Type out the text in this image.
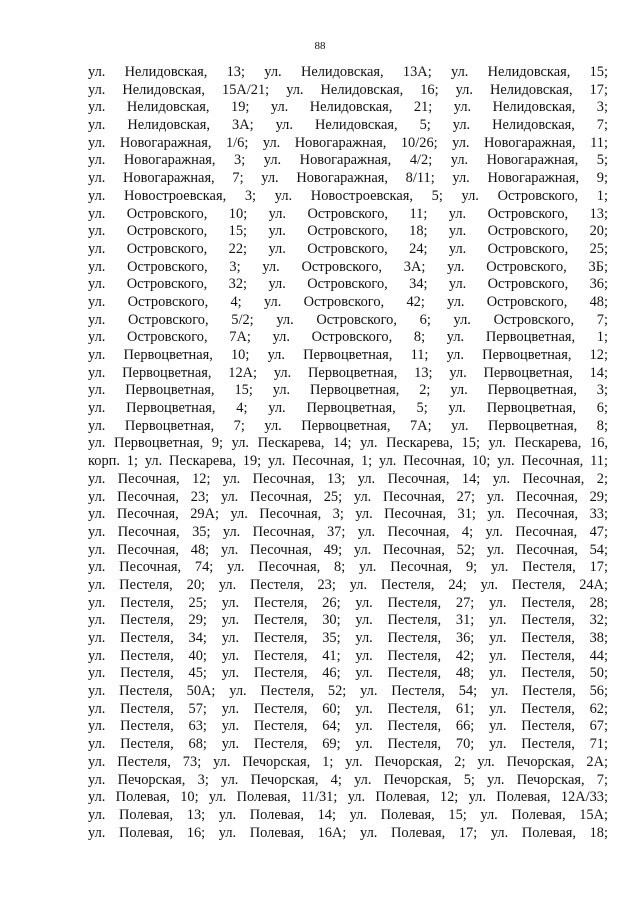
88
ул. Нелидовская, 13; ул. Нелидовская, 13А; ул. Нелидовская, 15;
ул. Нелидовская, 15А/21; ул. Нелидовская, 16; ул. Нелидовская, 17;
ул. Нелидовская, 19; ул. Нелидовская, 21; ул. Нелидовская, 3;
ул. Нелидовская, 3А; ул. Нелидовская, 5; ул. Нелидовская, 7;
ул. Новогаражная, 1/6; ул. Новогаражная, 10/26; ул. Новогаражная, 11;
ул. Новогаражная, 3; ул. Новогаражная, 4/2; ул. Новогаражная, 5;
ул. Новогаражная, 7; ул. Новогаражная, 8/11; ул. Новогаражная, 9;
ул. Новостроевская, 3; ул. Новостроевская, 5; ул. Островского, 1;
ул. Островского, 10; ул. Островского, 11; ул. Островского, 13;
ул. Островского, 15; ул. Островского, 18; ул. Островского, 20;
ул. Островского, 22; ул. Островского, 24; ул. Островского, 25;
ул. Островского, 3; ул. Островского, 3А; ул. Островского, 3Б;
ул. Островского, 32; ул. Островского, 34; ул. Островского, 36;
ул. Островского, 4; ул. Островского, 42; ул. Островского, 48;
ул. Островского, 5/2; ул. Островского, 6; ул. Островского, 7;
ул. Островского, 7А; ул. Островского, 8; ул. Первоцветная, 1;
ул. Первоцветная, 10; ул. Первоцветная, 11; ул. Первоцветная, 12;
ул. Первоцветная, 12А; ул. Первоцветная, 13; ул. Первоцветная, 14;
ул. Первоцветная, 15; ул. Первоцветная, 2; ул. Первоцветная, 3;
ул. Первоцветная, 4; ул. Первоцветная, 5; ул. Первоцветная, 6;
ул. Первоцветная, 7; ул. Первоцветная, 7А; ул. Первоцветная, 8;
ул. Первоцветная, 9; ул. Пескарева, 14; ул. Пескарева, 15; ул. Пескарева, 16,
корп. 1; ул. Пескарева, 19; ул. Песочная, 1; ул. Песочная, 10; ул. Песочная, 11;
ул. Песочная, 12; ул. Песочная, 13; ул. Песочная, 14; ул. Песочная, 2;
ул. Песочная, 23; ул. Песочная, 25; ул. Песочная, 27; ул. Песочная, 29;
ул. Песочная, 29А; ул. Песочная, 3; ул. Песочная, 31; ул. Песочная, 33;
ул. Песочная, 35; ул. Песочная, 37; ул. Песочная, 4; ул. Песочная, 47;
ул. Песочная, 48; ул. Песочная, 49; ул. Песочная, 52; ул. Песочная, 54;
ул. Песочная, 74; ул. Песочная, 8; ул. Песочная, 9; ул. Пестеля, 17;
ул. Пестеля, 20; ул. Пестеля, 23; ул. Пестеля, 24; ул. Пестеля, 24А;
ул. Пестеля, 25; ул. Пестеля, 26; ул. Пестеля, 27; ул. Пестеля, 28;
ул. Пестеля, 29; ул. Пестеля, 30; ул. Пестеля, 31; ул. Пестеля, 32;
ул. Пестеля, 34; ул. Пестеля, 35; ул. Пестеля, 36; ул. Пестеля, 38;
ул. Пестеля, 40; ул. Пестеля, 41; ул. Пестеля, 42; ул. Пестеля, 44;
ул. Пестеля, 45; ул. Пестеля, 46; ул. Пестеля, 48; ул. Пестеля, 50;
ул. Пестеля, 50А; ул. Пестеля, 52; ул. Пестеля, 54; ул. Пестеля, 56;
ул. Пестеля, 57; ул. Пестеля, 60; ул. Пестеля, 61; ул. Пестеля, 62;
ул. Пестеля, 63; ул. Пестеля, 64; ул. Пестеля, 66; ул. Пестеля, 67;
ул. Пестеля, 68; ул. Пестеля, 69; ул. Пестеля, 70; ул. Пестеля, 71;
ул. Пестеля, 73; ул. Печорская, 1; ул. Печорская, 2; ул. Печорская, 2А;
ул. Печорская, 3; ул. Печорская, 4; ул. Печорская, 5; ул. Печорская, 7;
ул. Полевая, 10; ул. Полевая, 11/31; ул. Полевая, 12; ул. Полевая, 12А/33;
ул. Полевая, 13; ул. Полевая, 14; ул. Полевая, 15; ул. Полевая, 15А;
ул. Полевая, 16; ул. Полевая, 16А; ул. Полевая, 17; ул. Полевая, 18;
